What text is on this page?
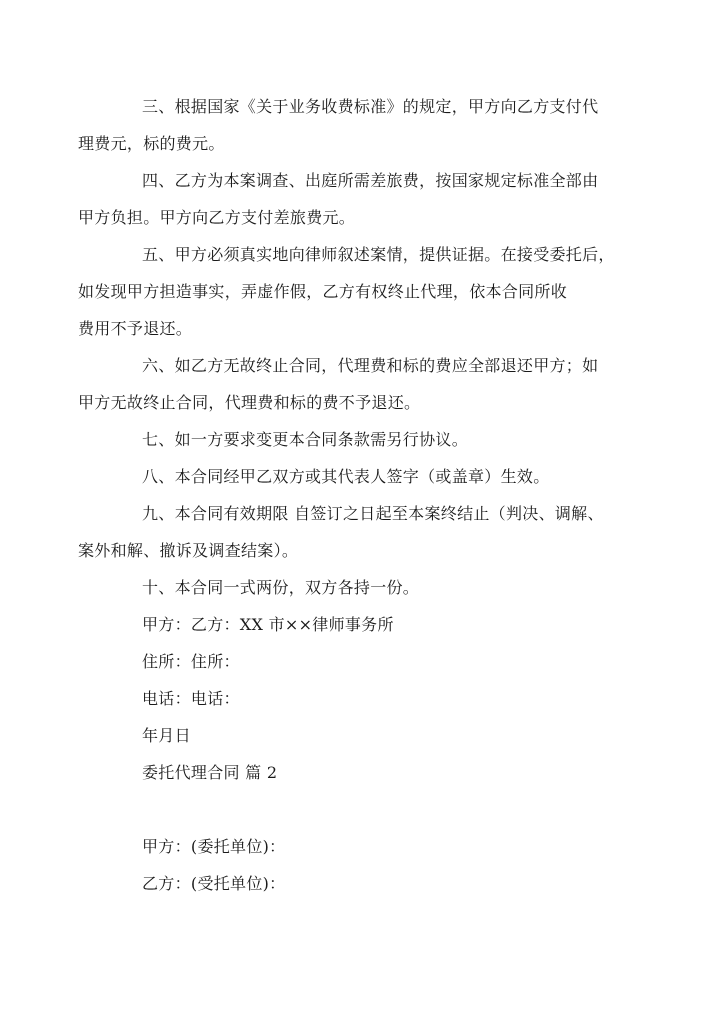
三、根据国家《关于业务收费标准》的规定，甲方向乙方支付代
理费元，标的费元。

四、乙方为本案调查、出庭所需差旅费，按国家规定标准全部由
甲方负担。甲方向乙方支付差旅费元。

五、甲方必须真实地向律师叙述案情，提供证据。在接受委托后，
如发现甲方担造事实，弄虚作假，乙方有权终止代理，依本合同所收
费用不予退还。

六、如乙方无故终止合同，代理费和标的费应全部退还甲方；如
甲方无故终止合同，代理费和标的费不予退还。

七、如一方要求变更本合同条款需另行协议。

八、本合同经甲乙双方或其代表人签字（或盖章）生效。

九、本合同有效期限 自签订之日起至本案终结止（判决、调解、
案外和解、撤诉及调查结案）。

十、本合同一式两份，双方各持一份。

甲方：乙方：XX 市××律师事务所

住所：住所：

电话：电话：

年月日

委托代理合同 篇 2

甲方：(委托单位)：

乙方：(受托单位)：
